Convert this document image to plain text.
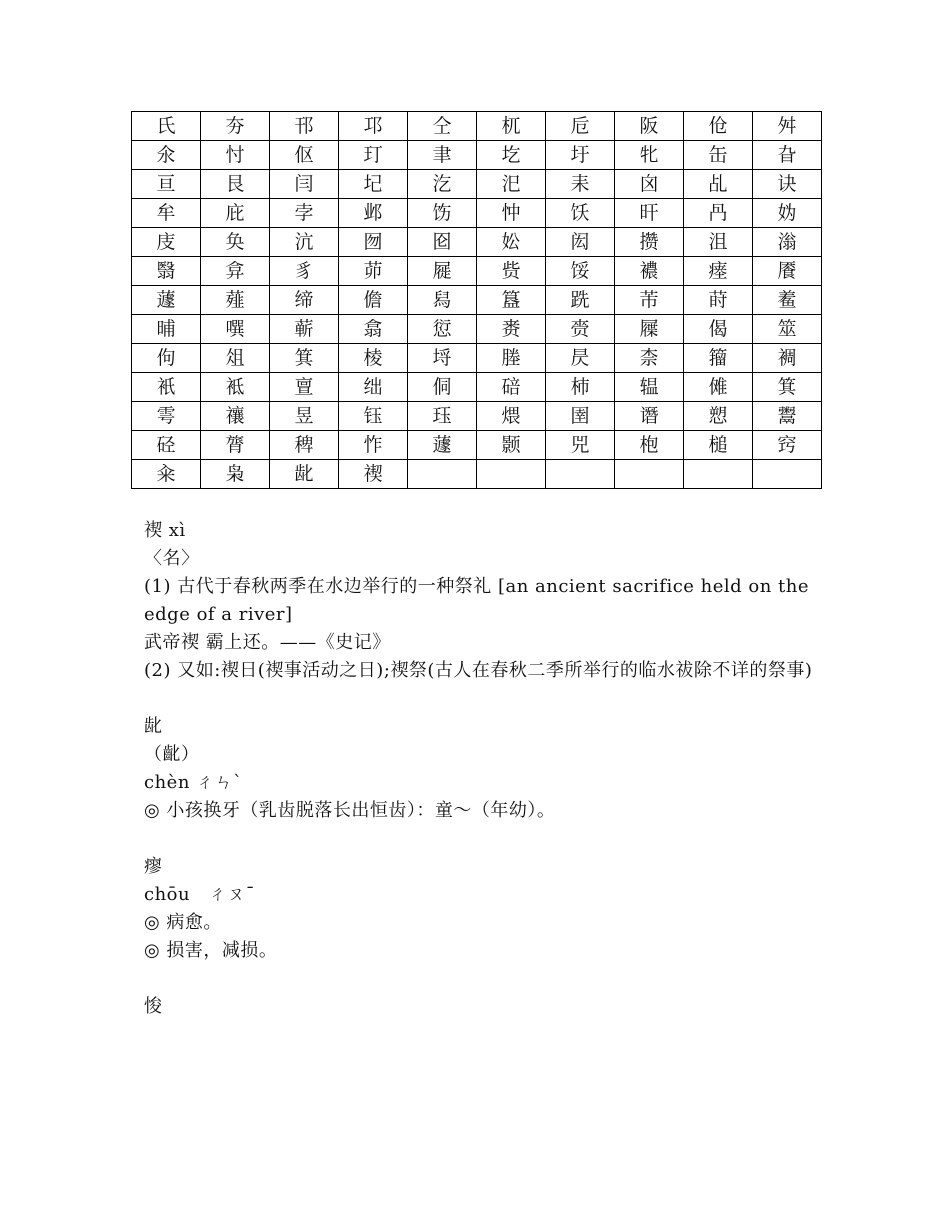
氏	夯	邗	邛	仝	杌	卮	阪	伧	舛
氽	忖	伛	玎	聿	圪	圩	牝	缶	旮
亘	艮	闫	圮	汔	汜	耒	囟	乩	诀
牟	庇	孛	邺	饬	忡	饫	旰	冎	妫
庋	奂	沆	囫	囵	妐	闳	攒	沮	滃
翳	弇	豸	茆	屣	赀	馁	襛	瘗	餍
蘧	薤	缔	儋	舄	簋	跣	芾	莳	鲝
晡	噀	蕲	翕	愆	赉	赍	屧	偈	筮
佝	俎	箕	棱	埒	塍	昃	柰	籀	裯
衹	袛	亶	绌	侗	碚	杮	辒	傩	箕
雩	禳	昱	钰	珏	煨	圉	谮	愬	鬻
硁	膂	稗	怍	蘧	颢	兕	枹	槌	窍
籴	枭	龀	禊						
禊 xì
〈名〉
(1) 古代于春秋两季在水边举行的一种祭礼 [an ancient sacrifice held on the edge of a river]
武帝禊 霸上还。——《史记》
(2) 又如:禊日(禊事活动之日);禊祭(古人在春秋二季所举行的临水祓除不详的祭事)
龀
（齔）
chèn ㄔㄣˋ
◎ 小孩换牙（乳齿脱落长出恒齿）：童～（年幼）。
瘳
chōu　ㄔㄡˉ
◎ 病愈。
◎ 损害，减损。
悛
